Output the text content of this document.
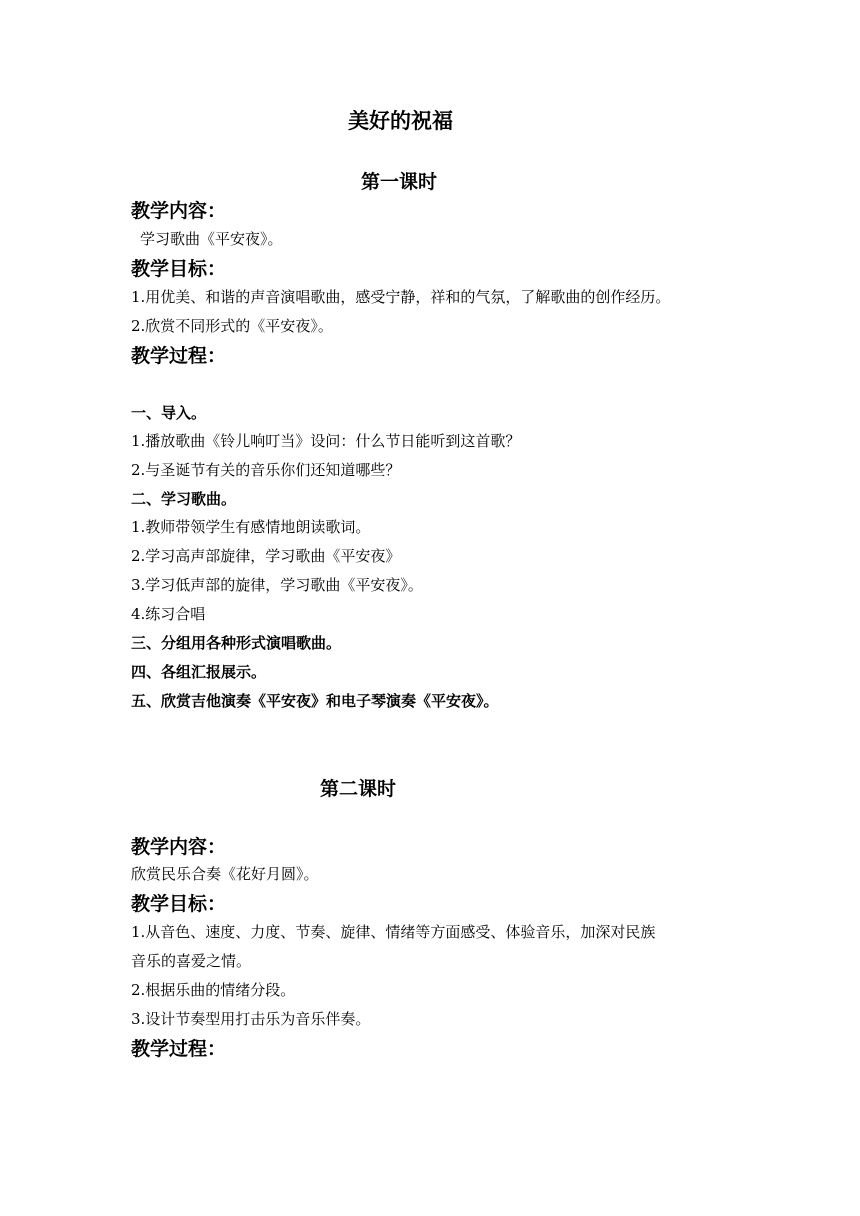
美好的祝福
第一课时
教学内容：
学习歌曲《平安夜》。
教学目标：
1.用优美、和谐的声音演唱歌曲，感受宁静，祥和的气氛，了解歌曲的创作经历。
2.欣赏不同形式的《平安夜》。
教学过程：
一、导入。
1.播放歌曲《铃儿响叮当》设问：什么节日能听到这首歌？
2.与圣诞节有关的音乐你们还知道哪些？
二、学习歌曲。
1.教师带领学生有感情地朗读歌词。
2.学习高声部旋律，学习歌曲《平安夜》
3.学习低声部的旋律，学习歌曲《平安夜》。
4.练习合唱
三、分组用各种形式演唱歌曲。
四、各组汇报展示。
五、欣赏吉他演奏《平安夜》和电子琴演奏《平安夜》。
第二课时
教学内容：
欣赏民乐合奏《花好月圆》。
教学目标：
1.从音色、速度、力度、节奏、旋律、情绪等方面感受、体验音乐，加深对民族
音乐的喜爱之情。
2.根据乐曲的情绪分段。
3.设计节奏型用打击乐为音乐伴奏。
教学过程：
